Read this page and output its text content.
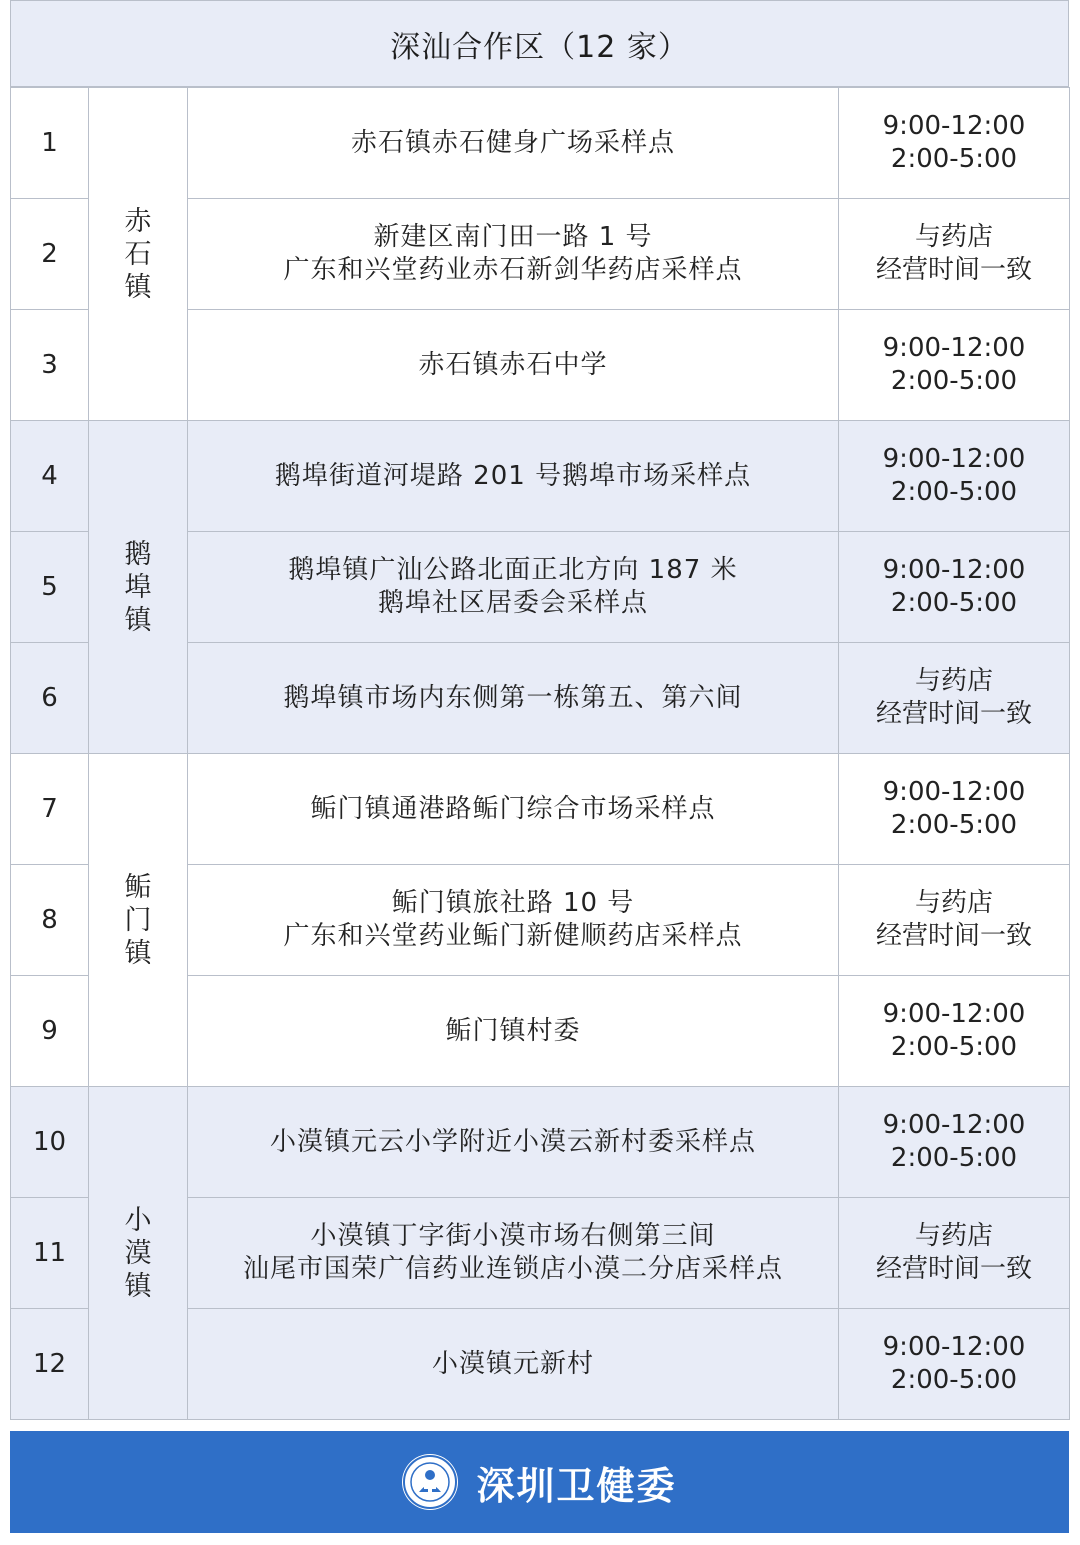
深汕合作区（12 家）
1	赤
石
镇	赤石镇赤石健身广场采样点	9:00-12:00
2:00-5:00

2		新建区南门田一路 1 号
广东和兴堂药业赤石新剑华药店采样点	与药店
经营时间一致

3		赤石镇赤石中学	9:00-12:00
2:00-5:00

4	鹅
埠
镇	鹅埠街道河堤路 201 号鹅埠市场采样点	9:00-12:00
2:00-5:00

5		鹅埠镇广汕公路北面正北方向 187 米
鹅埠社区居委会采样点	9:00-12:00
2:00-5:00

6		鹅埠镇市场内东侧第一栋第五、第六间	与药店
经营时间一致

7	鲘
门
镇	鲘门镇通港路鲘门综合市场采样点	9:00-12:00
2:00-5:00

8		鲘门镇旅社路 10 号
广东和兴堂药业鲘门新健顺药店采样点	与药店
经营时间一致

9		鲘门镇村委	9:00-12:00
2:00-5:00

10	小
漠
镇	小漠镇元云小学附近小漠云新村委采样点	9:00-12:00
2:00-5:00

11		小漠镇丁字街小漠市场右侧第三间
汕尾市国荣广信药业连锁店小漠二分店采样点	与药店
经营时间一致

12		小漠镇元新村	9:00-12:00
2:00-5:00
深圳卫健委
